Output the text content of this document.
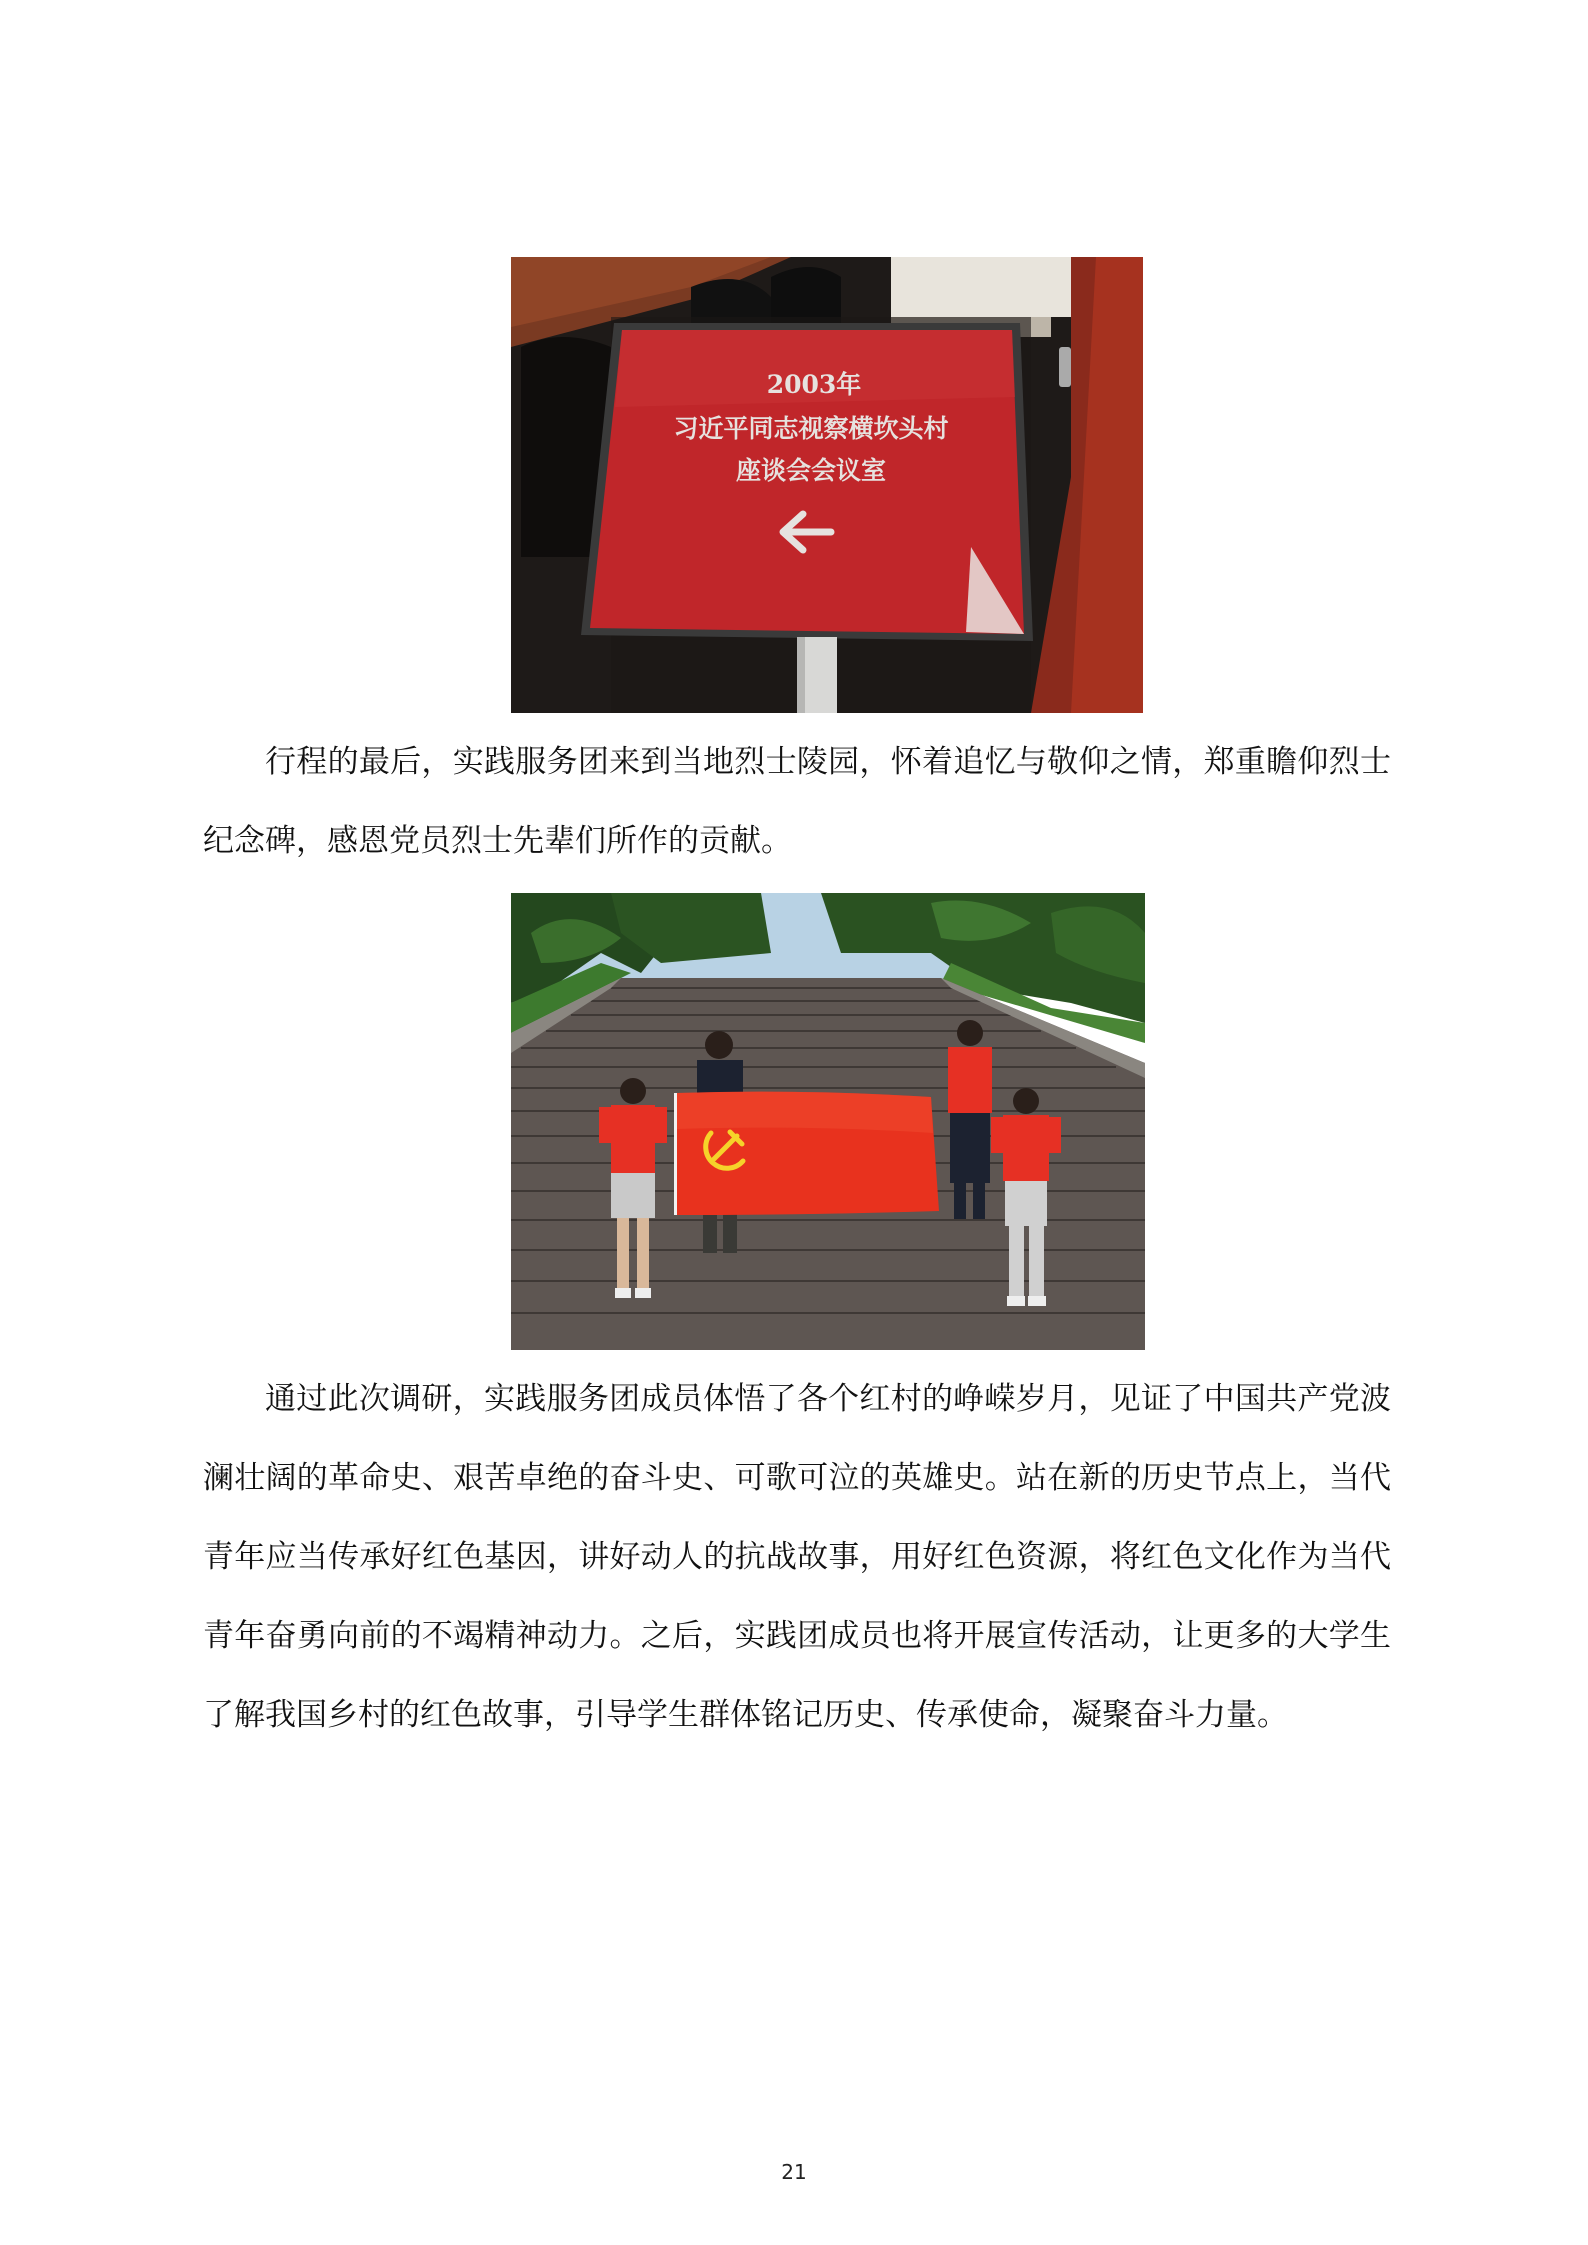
2003年
习近平同志视察横坎头村
座谈会会议室

行程的最后，实践服务团来到当地烈士陵园，怀着追忆与敬仰之情，郑重瞻仰烈士纪念碑，感恩党员烈士先辈们所作的贡献。

通过此次调研，实践服务团成员体悟了各个红村的峥嵘岁月，见证了中国共产党波澜壮阔的革命史、艰苦卓绝的奋斗史、可歌可泣的英雄史。站在新的历史节点上，当代青年应当传承好红色基因，讲好动人的抗战故事，用好红色资源，将红色文化作为当代青年奋勇向前的不竭精神动力。之后，实践团成员也将开展宣传活动，让更多的大学生了解我国乡村的红色故事，引导学生群体铭记历史、传承使命，凝聚奋斗力量。

21
